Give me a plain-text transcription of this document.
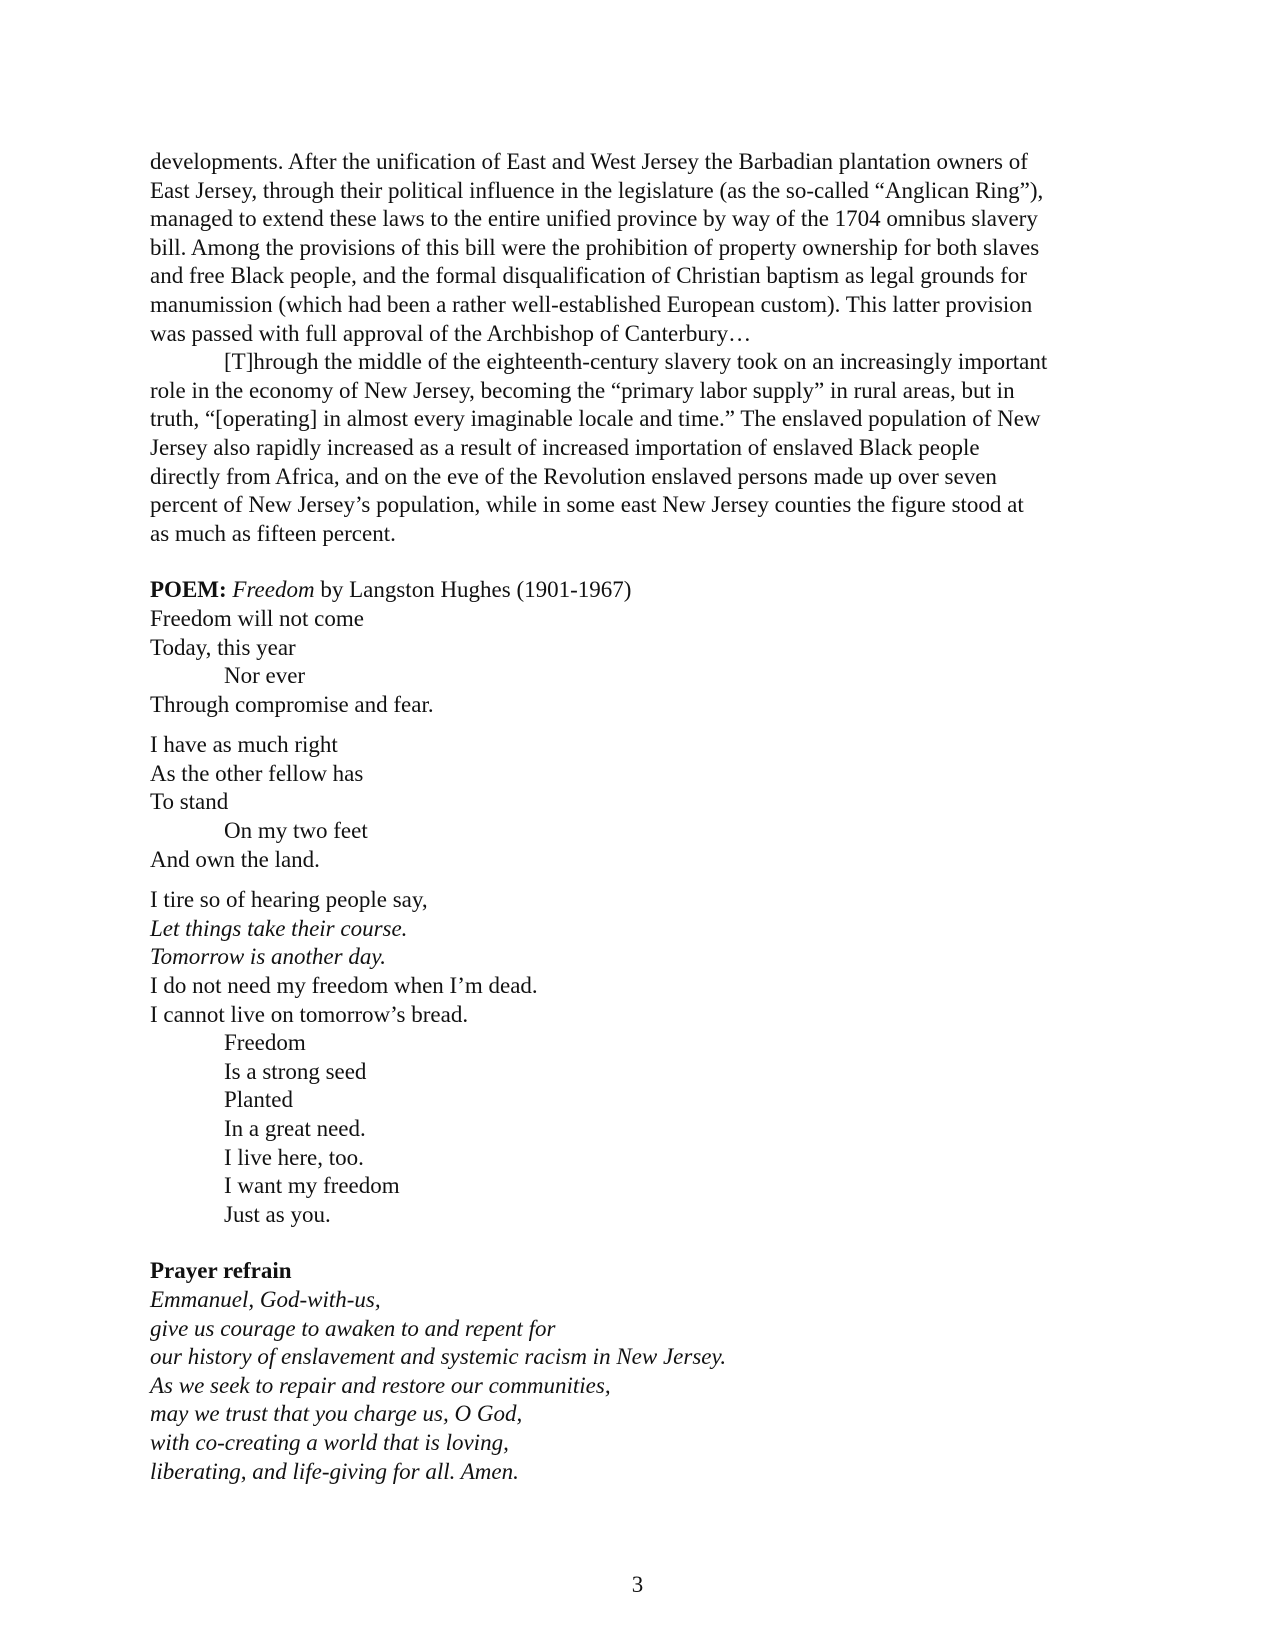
developments. After the unification of East and West Jersey the Barbadian plantation owners of
East Jersey, through their political influence in the legislature (as the so-called “Anglican Ring”),
managed to extend these laws to the entire unified province by way of the 1704 omnibus slavery
bill. Among the provisions of this bill were the prohibition of property ownership for both slaves
and free Black people, and the formal disqualification of Christian baptism as legal grounds for
manumission (which had been a rather well-established European custom). This latter provision
was passed with full approval of the Archbishop of Canterbury…
[T]hrough the middle of the eighteenth-century slavery took on an increasingly important
role in the economy of New Jersey, becoming the “primary labor supply” in rural areas, but in
truth, “[operating] in almost every imaginable locale and time.” The enslaved population of New
Jersey also rapidly increased as a result of increased importation of enslaved Black people
directly from Africa, and on the eve of the Revolution enslaved persons made up over seven
percent of New Jersey’s population, while in some east New Jersey counties the figure stood at
as much as fifteen percent.
POEM: Freedom by Langston Hughes (1901-1967)
Freedom will not come
Today, this year
Nor ever
Through compromise and fear.
I have as much right
As the other fellow has
To stand
On my two feet
And own the land.
I tire so of hearing people say,
Let things take their course.
Tomorrow is another day.
I do not need my freedom when I’m dead.
I cannot live on tomorrow’s bread.
Freedom
Is a strong seed
Planted
In a great need.
I live here, too.
I want my freedom
Just as you.
Prayer refrain
Emmanuel, God-with-us,
give us courage to awaken to and repent for
our history of enslavement and systemic racism in New Jersey.
As we seek to repair and restore our communities,
may we trust that you charge us, O God,
with co-creating a world that is loving,
liberating, and life-giving for all. Amen.
3
